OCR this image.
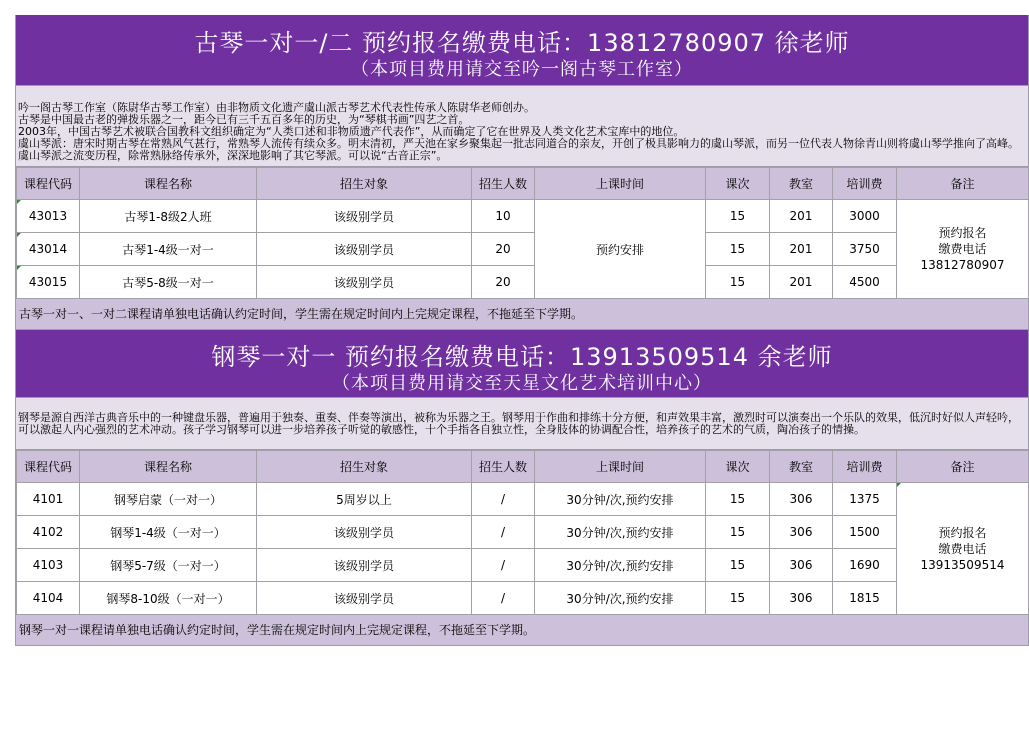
古琴一对一/二 预约报名缴费电话：13812780907 徐老师
（本项目费用请交至吟一阁古琴工作室）

吟一阁古琴工作室（陈尉华古琴工作室）由非物质文化遗产虞山派古琴艺术代表性传承人陈尉华老师创办。

古琴是中国最古老的弹拨乐器之一，距今已有三千五百多年的历史，为“琴棋书画”四艺之首。

2003年，中国古琴艺术被联合国教科文组织确定为“人类口述和非物质遗产代表作”，从而确定了它在世界及人类文化艺术宝库中的地位。

虞山琴派：唐宋时期古琴在常熟风气甚行，常熟琴人流传有续众多。明末清初，严天池在家乡聚集起一批志同道合的亲友，开创了极具影响力的虞山琴派，而另一位代表人物徐青山则将虞山琴学推向了高峰。虞山琴派之流变历程，除常熟脉络传承外，深深地影响了其它琴派。可以说“古音正宗”。

课程代码	课程名称	招生对象	招生人数	上课时间	课次	教室	培训费	备注
43013	古琴1-8级2人班	该级别学员	10	预约安排	15	201	3000	预约报名
缴费电话
13812780907

43014	古琴1-4级一对一	该级别学员	20		15	201	3750	
43015	古琴5-8级一对一	该级别学员	20		15	201	4500	
古琴一对一、一对二课程请单独电话确认约定时间，学生需在规定时间内上完规定课程，不拖延至下学期。
钢琴一对一 预约报名缴费电话：13913509514 余老师
（本项目费用请交至天星文化艺术培训中心）

钢琴是源自西洋古典音乐中的一种键盘乐器，普遍用于独奏、重奏、伴奏等演出，被称为乐器之王。钢琴用于作曲和排练十分方便，和声效果丰富，激烈时可以演奏出一个乐队的效果，低沉时好似人声轻吟，可以激起人内心强烈的艺术冲动。孩子学习钢琴可以进一步培养孩子听觉的敏感性，十个手指各自独立性，全身肢体的协调配合性，培养孩子的艺术的气质，陶冶孩子的情操。

课程代码	课程名称	招生对象	招生人数	上课时间	课次	教室	培训费	备注
4101	钢琴启蒙（一对一）	5周岁以上	/	30分钟/次,预约安排	15	306	1375	预约报名
缴费电话
13913509514

4102	钢琴1-4级（一对一）	该级别学员	/	30分钟/次,预约安排	15	306	1500	
4103	钢琴5-7级（一对一）	该级别学员	/	30分钟/次,预约安排	15	306	1690	
4104	钢琴8-10级（一对一）	该级别学员	/	30分钟/次,预约安排	15	306	1815	
钢琴一对一课程请单独电话确认约定时间，学生需在规定时间内上完规定课程，不拖延至下学期。
